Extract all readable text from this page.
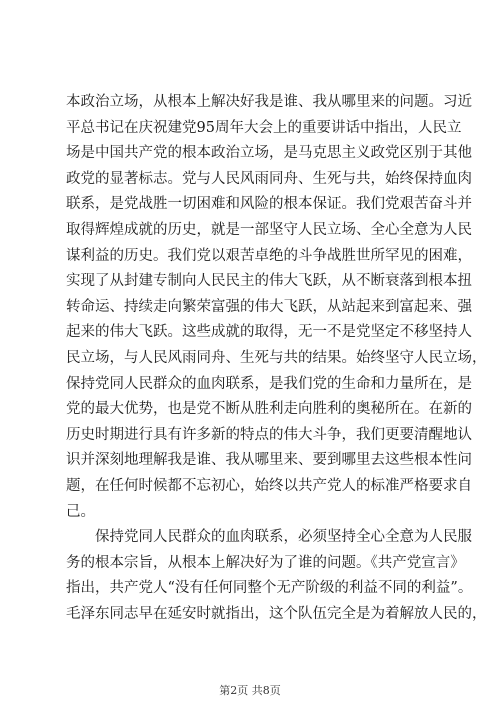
本政治立场，从根本上解决好我是谁、我从哪里来的问题。习近
平总书记在庆祝建党95周年大会上的重要讲话中指出，人民立
场是中国共产党的根本政治立场，是马克思主义政党区别于其他
政党的显著标志。党与人民风雨同舟、生死与共，始终保持血肉
联系，是党战胜一切困难和风险的根本保证。我们党艰苦奋斗并
取得辉煌成就的历史，就是一部坚守人民立场、全心全意为人民
谋利益的历史。我们党以艰苦卓绝的斗争战胜世所罕见的困难，
实现了从封建专制向人民民主的伟大飞跃，从不断衰落到根本扭
转命运、持续走向繁荣富强的伟大飞跃，从站起来到富起来、强
起来的伟大飞跃。这些成就的取得，无一不是党坚定不移坚持人
民立场，与人民风雨同舟、生死与共的结果。始终坚守人民立场，
保持党同人民群众的血肉联系，是我们党的生命和力量所在，是
党的最大优势，也是党不断从胜利走向胜利的奥秘所在。在新的
历史时期进行具有许多新的特点的伟大斗争，我们更要清醒地认
识并深刻地理解我是谁、我从哪里来、要到哪里去这些根本性问
题，在任何时候都不忘初心，始终以共产党人的标准严格要求自
己。
保持党同人民群众的血肉联系，必须坚持全心全意为人民服
务的根本宗旨，从根本上解决好为了谁的问题。《共产党宣言》
指出，共产党人“没有任何同整个无产阶级的利益不同的利益”。
毛泽东同志早在延安时就指出，这个队伍完全是为着解放人民的，
第2页 共8页
